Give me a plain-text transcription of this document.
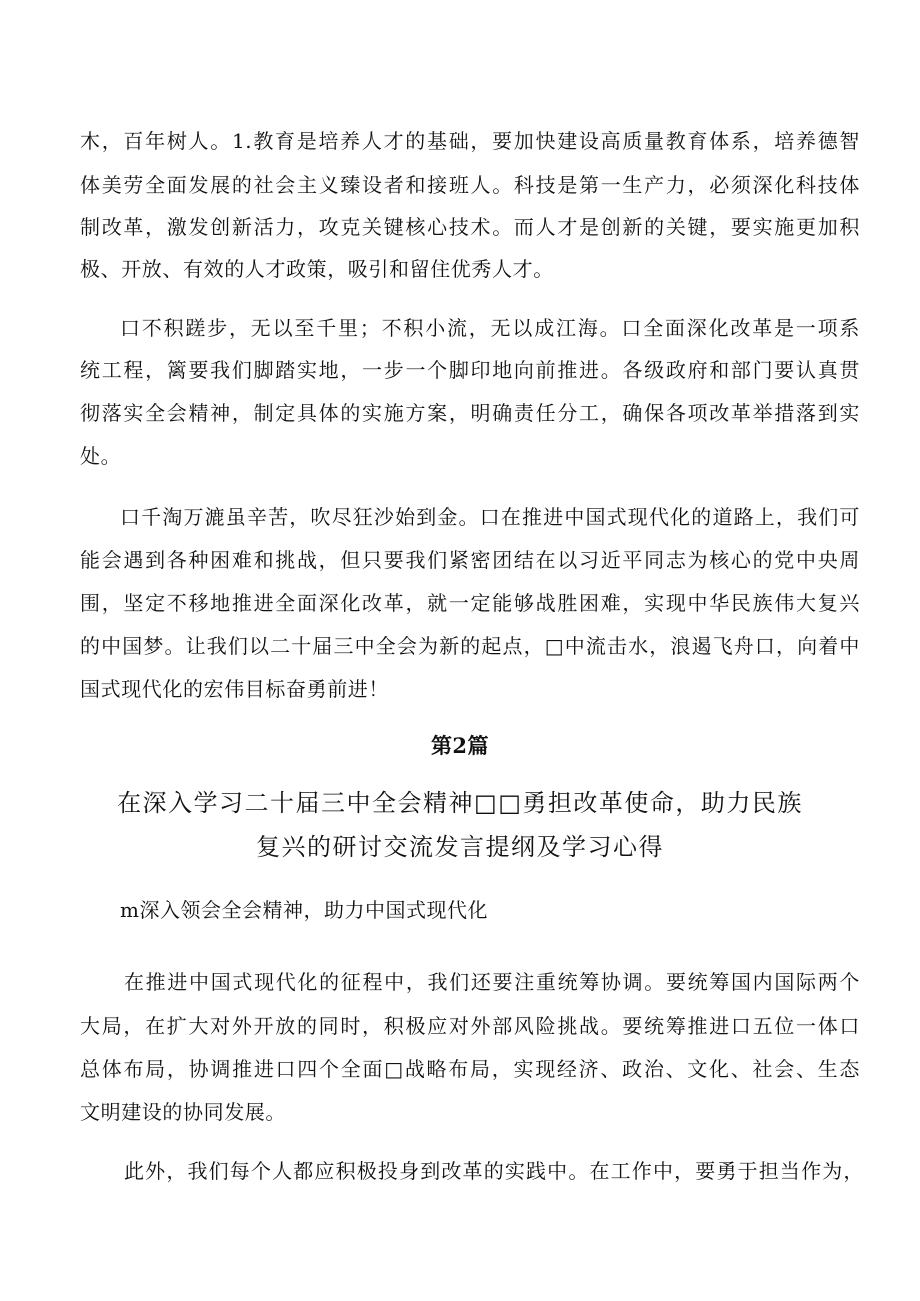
木，百年树人。1.教育是培养人才的基础，要加快建设高质量教育体系，培养德智
体美劳全面发展的社会主义臻设者和接班人。科技是第一生产力，必须深化科技体
制改革，激发创新活力，攻克关键核心技术。而人才是创新的关键，要实施更加积
极、开放、有效的人才政策，吸引和留住优秀人才。
口不积蹉步，无以至千里；不积小流，无以成江海。口全面深化改革是一项系
统工程，篱要我们脚踏实地，一步一个脚印地向前推进。各级政府和部门要认真贯
彻落实全会精神，制定具体的实施方案，明确责任分工，确保各项改革举措落到实
处。
口千淘万漉虽辛苦，吹尽狂沙始到金。口在推进中国式现代化的道路上，我们可
能会遇到各种困难和挑战，但只要我们紧密团结在以习近平同志为核心的党中央周
围，坚定不移地推进全面深化改革，就一定能够战胜困难，实现中华民族伟大复兴
的中国梦。让我们以二十届三中全会为新的起点，□中流击水，浪遏飞舟口，向着中
国式现代化的宏伟目标奋勇前进！
第2篇
在深入学习二十届三中全会精神□□勇担改革使命，助力民族
复兴的研讨交流发言提纲及学习心得
m深入领会全会精神，助力中国式现代化
在推进中国式现代化的征程中，我们还要注重统筹协调。要统筹国内国际两个
大局，在扩大对外开放的同时，积极应对外部风险挑战。要统筹推进口五位一体口
总体布局，协调推进口四个全面□战略布局，实现经济、政治、文化、社会、生态
文明建设的协同发展。
此外，我们每个人都应积极投身到改革的实践中。在工作中，要勇于担当作为，
